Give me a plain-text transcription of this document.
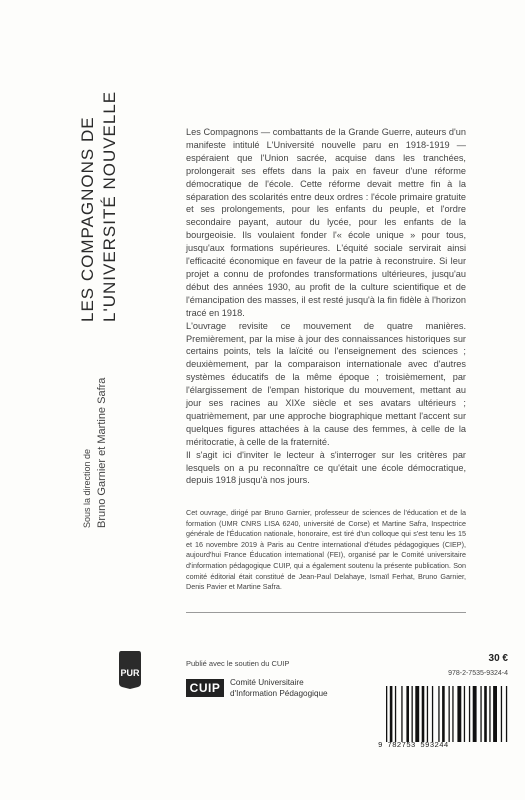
LES COMPAGNONS DE L'UNIVERSITÉ NOUVELLE
Sous la direction de Bruno Garnier et Martine Safra

Les Compagnons — combattants de la Grande Guerre, auteurs d'un manifeste intitulé L'Université nouvelle paru en 1918-1919 — espéraient que l'Union sacrée, acquise dans les tranchées, prolongerait ses effets dans la paix en faveur d'une réforme démocratique de l'école. Cette réforme devait mettre fin à la séparation des scolarités entre deux ordres : l'école primaire gratuite et ses prolongements, pour les enfants du peuple, et l'ordre secondaire payant, autour du lycée, pour les enfants de la bourgeoisie. Ils voulaient fonder l'« école unique » pour tous, jusqu'aux formations supérieures. L'équité sociale servirait ainsi l'efficacité économique en faveur de la patrie à reconstruire. Si leur projet a connu de profondes transformations ultérieures, jusqu'au début des années 1930, au profit de la culture scientifique et de l'émancipation des masses, il est resté jusqu'à la fin fidèle à l'horizon tracé en 1918.

L'ouvrage revisite ce mouvement de quatre manières. Premièrement, par la mise à jour des connaissances historiques sur certains points, tels la laïcité ou l'enseignement des sciences ; deuxièmement, par la comparaison internationale avec d'autres systèmes éducatifs de la même époque ; troisièmement, par l'élargissement de l'empan historique du mouvement, mettant au jour ses racines au XIXe siècle et ses avatars ultérieurs ; quatrièmement, par une approche biographique mettant l'accent sur quelques figures attachées à la cause des femmes, à celle de la méritocratie, à celle de la fraternité.

Il s'agit ici d'inviter le lecteur à s'interroger sur les critères par lesquels on a pu reconnaître ce qu'était une école démocratique, depuis 1918 jusqu'à nos jours.

Cet ouvrage, dirigé par Bruno Garnier, professeur de sciences de l'éducation et de la formation (UMR CNRS LISA 6240, université de Corse) et Martine Safra, Inspectrice générale de l'Éducation nationale, honoraire, est tiré d'un colloque qui s'est tenu les 15 et 16 novembre 2019 à Paris au Centre international d'études pédagogiques (CIEP), aujourd'hui France Éducation international (FEI), organisé par le Comité universitaire d'information pédagogique CUIP, qui a également soutenu la présente publication. Son comité éditorial était constitué de Jean-Paul Delahaye, Ismaïl Ferhat, Bruno Garnier, Denis Pavier et Martine Safra.

PUR
Publié avec le soutien du CUIP
CUIP	Comité Universitaire
d'Information Pédagogique
30 €
978-2-7535-9324-4
9 782753 593244
